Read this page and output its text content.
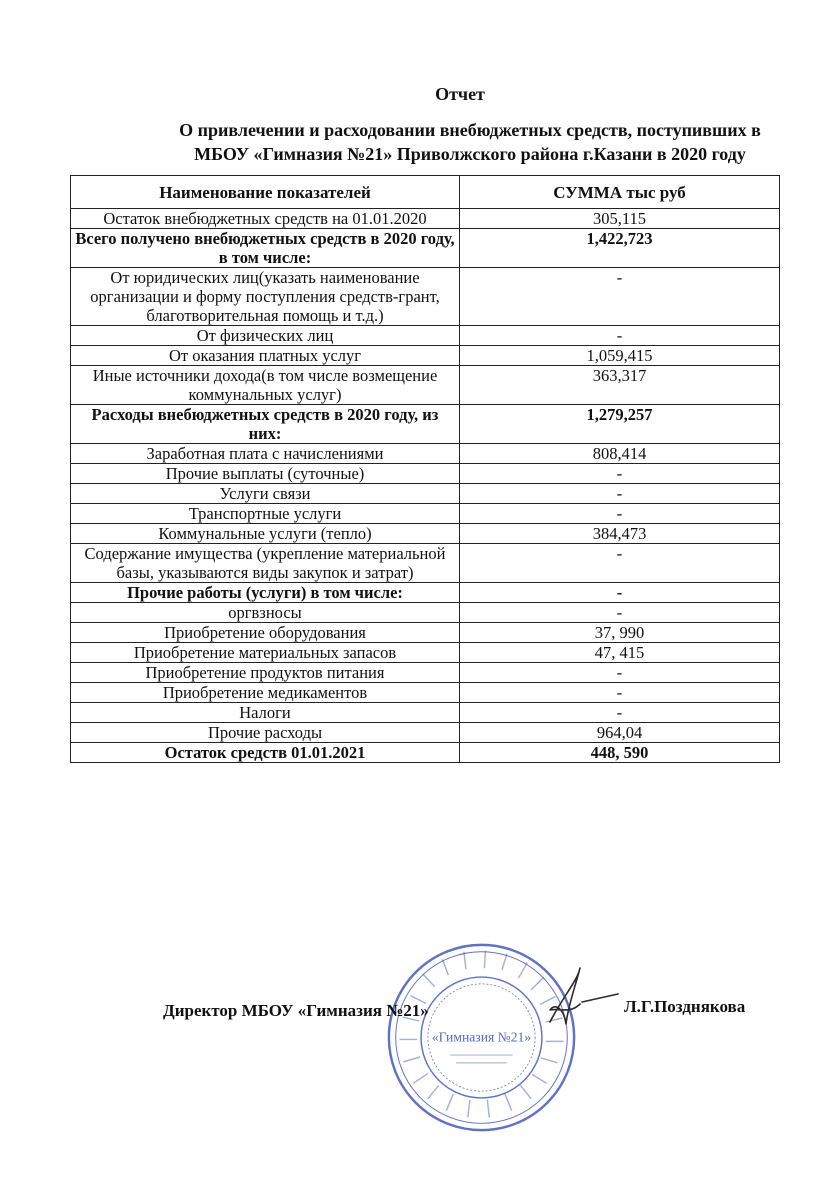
Отчет
О привлечении и расходовании внебюджетных средств, поступивших в
МБОУ «Гимназия №21» Приволжского района г.Казани в 2020 году
Наименование показателей	СУММА тыс руб
Остаток внебюджетных средств на 01.01.2020	305,115
Всего получено внебюджетных средств в 2020 году, в том числе:	1,422,723
От юридических лиц(указать наименование организации и форму поступления средств-грант, благотворительная помощь и т.д.)	-
От физических лиц	-
От оказания платных услуг	1,059,415
Иные источники дохода(в том числе возмещение коммунальных услуг)	363,317
Расходы внебюджетных средств в 2020 году, из них:	1,279,257
Заработная плата с начислениями	808,414
Прочие выплаты (суточные)	-
Услуги связи	-
Транспортные услуги	-
Коммунальные услуги (тепло)	384,473
Содержание имущества (укрепление материальной базы, указываются виды закупок и затрат)	-
Прочие работы (услуги) в том числе:	-
оргвзносы	-
Приобретение оборудования	37, 990
Приобретение материальных запасов	47, 415
Приобретение продуктов питания	-
Приобретение медикаментов	-
Налоги	-
Прочие расходы	964,04
Остаток средств 01.01.2021	448, 590
«Гимназия №21»
Директор МБОУ «Гимназия №21»	Л.Г.Позднякова
